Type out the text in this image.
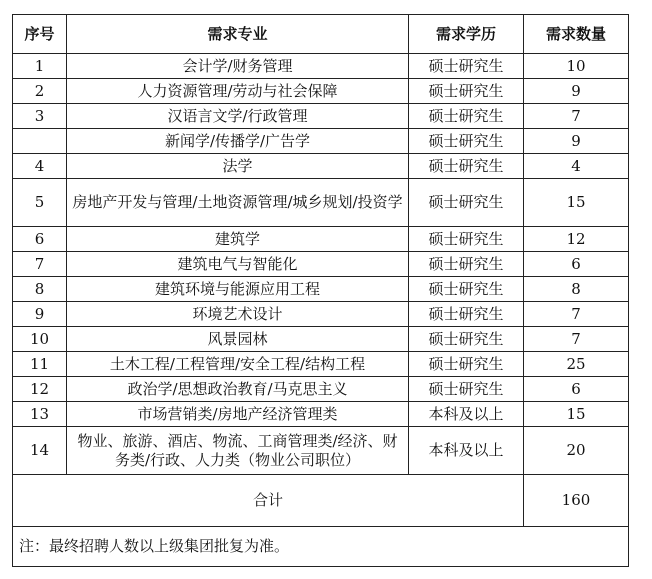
序号	需求专业	需求学历	需求数量
1	会计学/财务管理	硕士研究生	10
2	人力资源管理/劳动与社会保障	硕士研究生	9
3	汉语言文学/行政管理	硕士研究生	7
	新闻学/传播学/广告学	硕士研究生	9
4	法学	硕士研究生	4
5	房地产开发与管理/土地资源管理/城乡规划/投资学	硕士研究生	15
6	建筑学	硕士研究生	12
7	建筑电气与智能化	硕士研究生	6
8	建筑环境与能源应用工程	硕士研究生	8
9	环境艺术设计	硕士研究生	7
10	风景园林	硕士研究生	7
11	土木工程/工程管理/安全工程/结构工程	硕士研究生	25
12	政治学/思想政治教育/马克思主义	硕士研究生	6
13	市场营销类/房地产经济管理类	本科及以上	15
14	物业、旅游、酒店、物流、工商管理类/经济、财务类/行政、人力类（物业公司职位）	本科及以上	20
合计			160
注：最终招聘人数以上级集团批复为准。			
